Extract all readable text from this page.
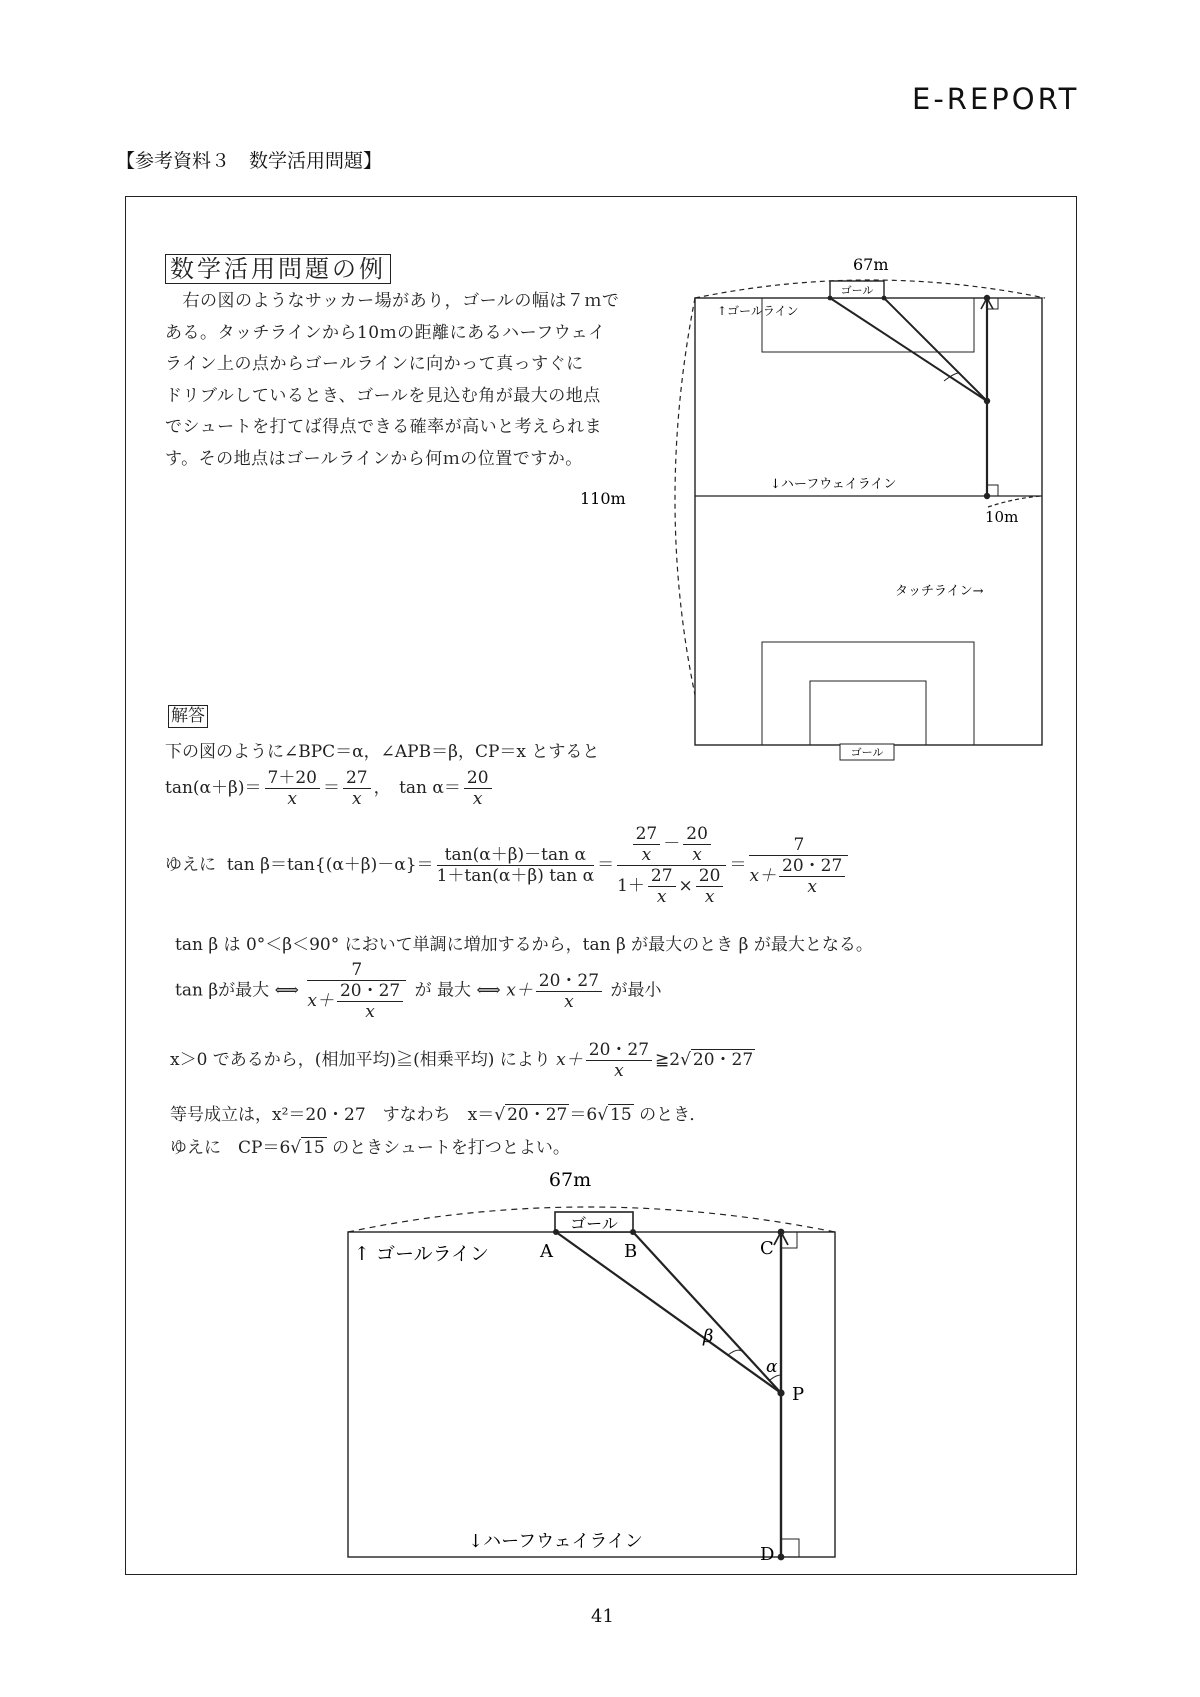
E-REPORT
【参考資料３　数学活用問題】
数学活用問題の例
　右の図のようなサッカー場があり，ゴールの幅は７ｍで
ある。タッチラインから10ｍの距離にあるハーフウェイ
ライン上の点からゴールラインに向かって真っすぐに
ドリブルしているとき、ゴールを見込む角が最大の地点
でシュートを打てば得点できる確率が高いと考えられま
す。その地点はゴールラインから何ｍの位置ですか。
67m
110m
10m
ゴール
ゴール
↑ゴールライン
↓ハーフウェイライン
タッチライン→
解答
下の図のように∠BPC＝α，∠APB＝β，CP＝x とすると
$\tan(\alpha+\beta)= \frac{7+20}{x} = \frac{27}{x}$ ，　$\tan \alpha= \frac{20}{x}$
ゆえに $\tan \beta=\tan\{(\alpha+\beta)-\alpha\}= \frac{\text{tan(α＋β)－tan α}}{\text{1＋tan(α＋β) tan α}} = \frac{\frac{27}{x} - \frac{20}{x}}{1+ \frac{27}{x} \times \frac{20}{x}} = \frac{7}{x+ \frac{20・27}{x}}$
tan β は 0°＜β＜90° において単調に増加するから，tan β が最大のとき β が最大となる。
tan βが最大 ⟺ $\frac{7}{x+ \frac{20・27}{x}}$ が 最大 ⟺ $x+ \frac{20・27}{x}$ が最小
x＞0 であるから，(相加平均)≧(相乗平均) により $x+ \frac{20・27}{x}$ ≧2√ 20・27
等号成立は，x²＝20・27　すなわち　x＝√ 20・27 ＝6√ 15 のとき．
ゆえに　CP＝6√ 15 のときシュートを打つとよい。
67m
ゴール
↑ ゴールライン
↓ハーフウェイライン
A	B	C
P
D
β
α
41
